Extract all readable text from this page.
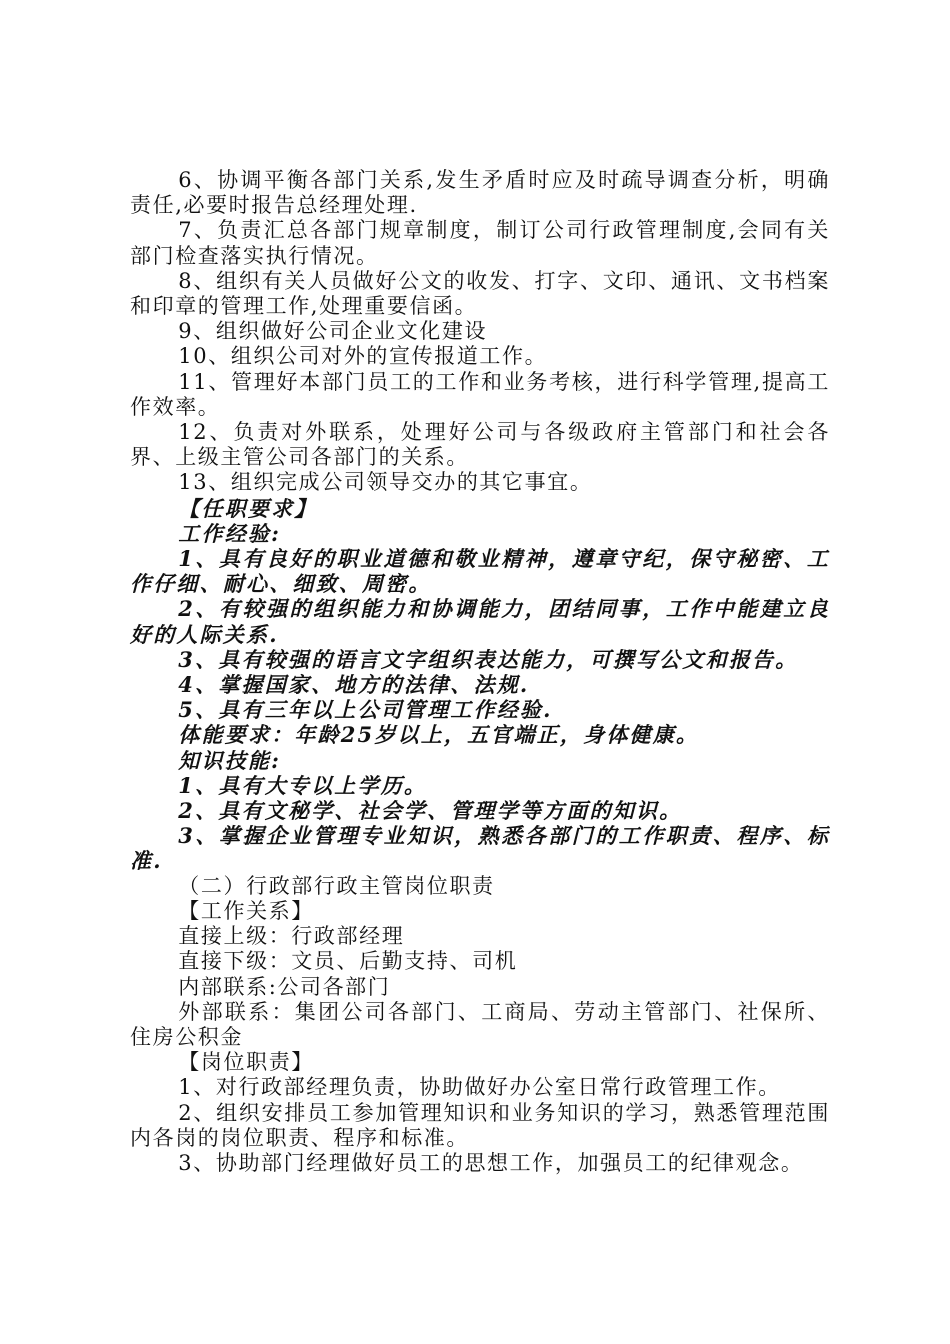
6、协调平衡各部门关系,发生矛盾时应及时疏导调查分析，明确责任,必要时报告总经理处理.

7、负责汇总各部门规章制度，制订公司行政管理制度,会同有关部门检查落实执行情况。

8、组织有关人员做好公文的收发、打字、文印、通讯、文书档案和印章的管理工作,处理重要信函。

9、组织做好公司企业文化建设

10、组织公司对外的宣传报道工作。

11、管理好本部门员工的工作和业务考核，进行科学管理,提高工作效率。

12、负责对外联系，处理好公司与各级政府主管部门和社会各界、上级主管公司各部门的关系。

13、组织完成公司领导交办的其它事宜。

【任职要求】

工作经验:

1、具有良好的职业道德和敬业精神，遵章守纪，保守秘密、工作仔细、耐心、细致、周密。

2、有较强的组织能力和协调能力，团结同事，工作中能建立良好的人际关系.

3、具有较强的语言文字组织表达能力，可撰写公文和报告。

4、掌握国家、地方的法律、法规.

5、具有三年以上公司管理工作经验.

体能要求：年龄25岁以上，五官端正，身体健康。

知识技能:

1、具有大专以上学历。

2、具有文秘学、社会学、管理学等方面的知识。

3、掌握企业管理专业知识，熟悉各部门的工作职责、程序、标准.

（二）行政部行政主管岗位职责

【工作关系】

直接上级：行政部经理

直接下级：文员、后勤支持、司机

内部联系:公司各部门

外部联系：集团公司各部门、工商局、劳动主管部门、社保所、住房公积金

【岗位职责】

1、对行政部经理负责，协助做好办公室日常行政管理工作。

2、组织安排员工参加管理知识和业务知识的学习，熟悉管理范围内各岗的岗位职责、程序和标准。

3、协助部门经理做好员工的思想工作，加强员工的纪律观念。
